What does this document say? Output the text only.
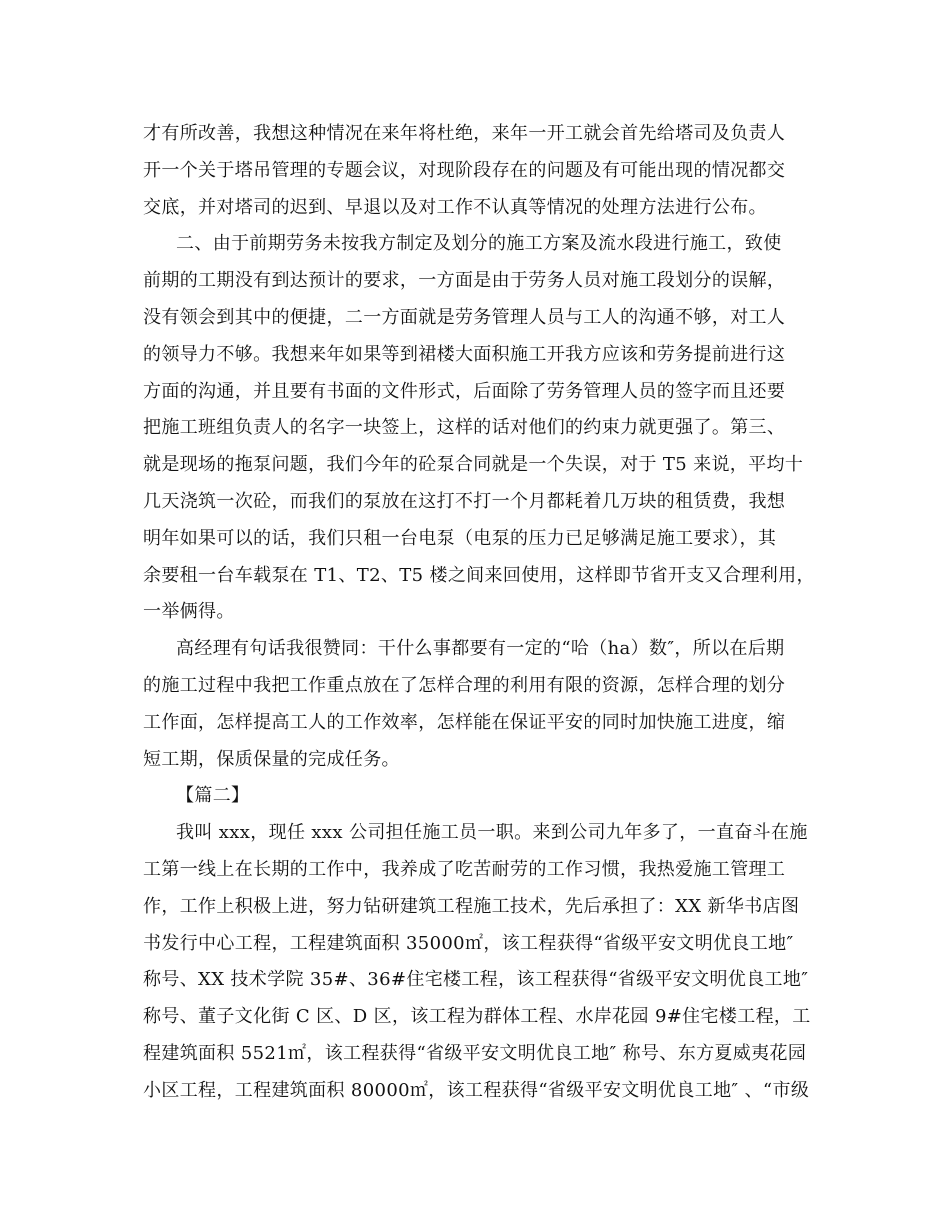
才有所改善，我想这种情况在来年将杜绝，来年一开工就会首先给塔司及负责人
开一个关于塔吊管理的专题会议，对现阶段存在的问题及有可能出现的情况都交
交底，并对塔司的迟到、早退以及对工作不认真等情况的处理方法进行公布。
二、由于前期劳务未按我方制定及划分的施工方案及流水段进行施工，致使
前期的工期没有到达预计的要求，一方面是由于劳务人员对施工段划分的误解，
没有领会到其中的便捷，二一方面就是劳务管理人员与工人的沟通不够，对工人
的领导力不够。我想来年如果等到裙楼大面积施工开我方应该和劳务提前进行这
方面的沟通，并且要有书面的文件形式，后面除了劳务管理人员的签字而且还要
把施工班组负责人的名字一块签上，这样的话对他们的约束力就更强了。第三、
就是现场的拖泵问题，我们今年的砼泵合同就是一个失误，对于 T5 来说，平均十
几天浇筑一次砼，而我们的泵放在这打不打一个月都耗着几万块的租赁费，我想
明年如果可以的话，我们只租一台电泵（电泵的压力已足够满足施工要求），其
余要租一台车载泵在 T1、T2、T5 楼之间来回使用，这样即节省开支又合理利用，
一举俩得。
高经理有句话我很赞同：干什么事都要有一定的“哈（ha）数″，所以在后期
的施工过程中我把工作重点放在了怎样合理的利用有限的资源，怎样合理的划分
工作面，怎样提高工人的工作效率，怎样能在保证平安的同时加快施工进度，缩
短工期，保质保量的完成任务。
【篇二】
我叫 xxx，现任 xxx 公司担任施工员一职。来到公司九年多了，一直奋斗在施
工第一线上在长期的工作中，我养成了吃苦耐劳的工作习惯，我热爱施工管理工
作，工作上积极上进，努力钻研建筑工程施工技术，先后承担了：XX 新华书店图
书发行中心工程，工程建筑面积 35000㎡，该工程获得“省级平安文明优良工地″
称号、XX 技术学院 35#、36#住宅楼工程，该工程获得“省级平安文明优良工地″
称号、董子文化街 C 区、D 区，该工程为群体工程、水岸花园 9#住宅楼工程，工
程建筑面积 5521㎡，该工程获得“省级平安文明优良工地″ 称号、东方夏威夷花园
小区工程，工程建筑面积 80000㎡，该工程获得“省级平安文明优良工地″ 、“市级
